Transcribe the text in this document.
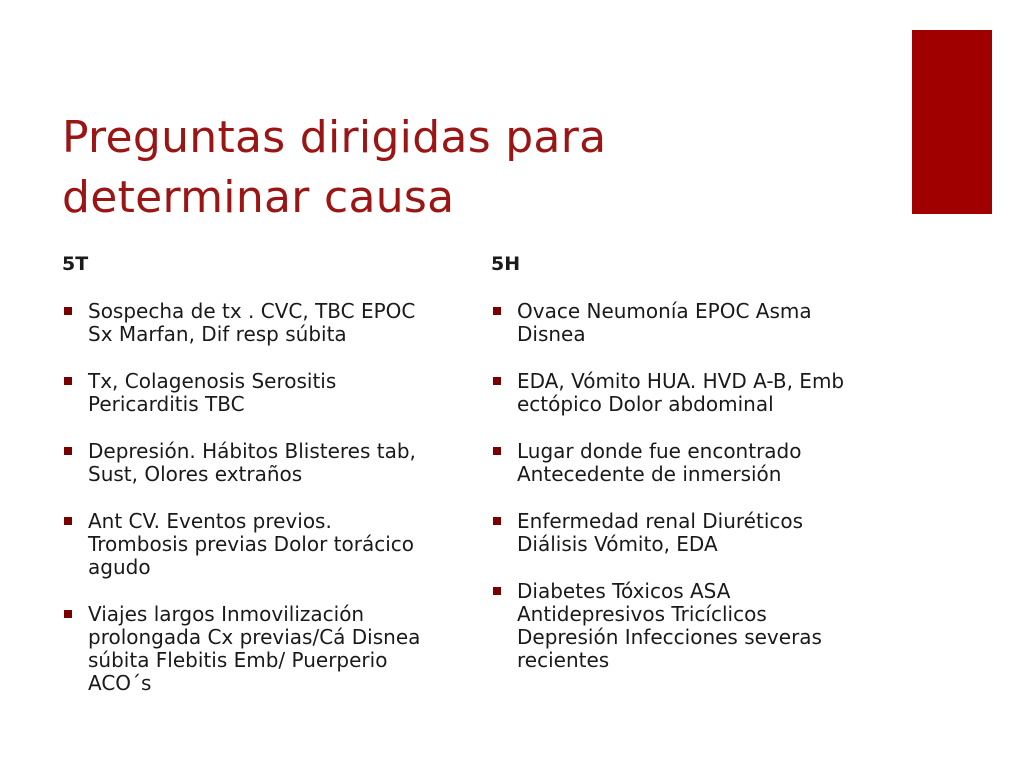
Preguntas dirigidas para
determinar causa
5T
Sospecha de tx . CVC, TBC EPOC Sx Marfan, Dif resp súbita
Tx, Colagenosis Serositis Pericarditis TBC
Depresión. Hábitos Blisteres tab, Sust, Olores extraños
Ant CV. Eventos previos. Trombosis previas Dolor torácico agudo
Viajes largos Inmovilización prolongada Cx previas/Cá Disnea súbita Flebitis Emb/ Puerperio ACO´s
5H
Ovace Neumonía EPOC Asma Disnea
EDA, Vómito HUA. HVD A-B, Emb ectópico Dolor abdominal
Lugar donde fue encontrado Antecedente de inmersión
Enfermedad renal Diuréticos Diálisis Vómito, EDA
Diabetes Tóxicos ASA Antidepresivos Tricíclicos Depresión Infecciones severas recientes
